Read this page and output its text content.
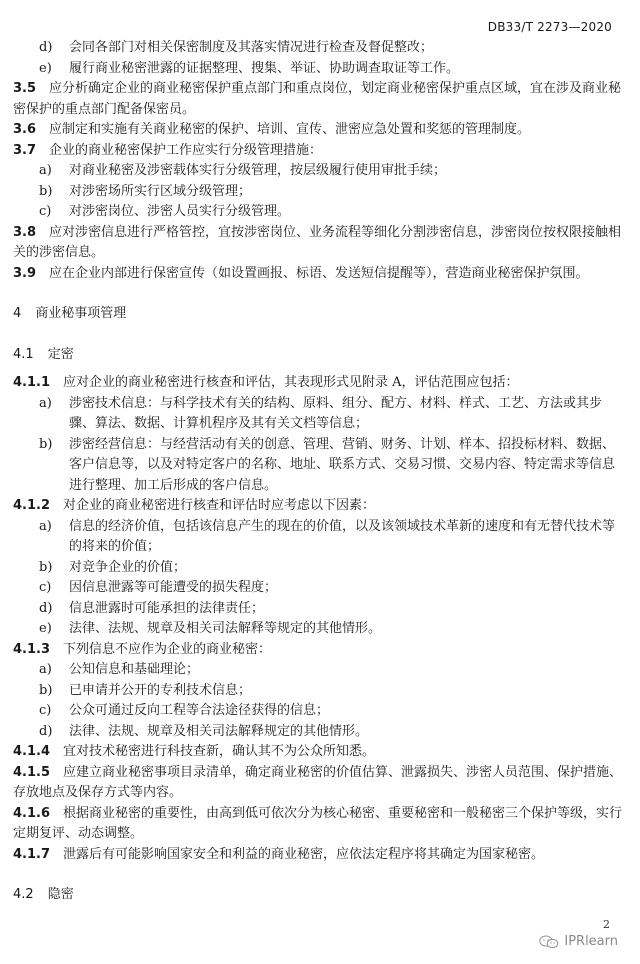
DB33/T 2273—2020
d) 会同各部门对相关保密制度及其落实情况进行检查及督促整改；
e) 履行商业秘密泄露的证据整理、搜集、举证、协助调查取证等工作。

3.5  应分析确定企业的商业秘密保护重点部门和重点岗位，划定商业秘密保护重点区域，宜在涉及商业秘密保护的重点部门配备保密员。

3.6  应制定和实施有关商业秘密的保护、培训、宣传、泄密应急处置和奖惩的管理制度。

3.7  企业的商业秘密保护工作应实行分级管理措施：

a) 对商业秘密及涉密载体实行分级管理，按层级履行使用审批手续；
b) 对涉密场所实行区域分级管理；
c) 对涉密岗位、涉密人员实行分级管理。

3.8  应对涉密信息进行严格管控，宜按涉密岗位、业务流程等细化分割涉密信息，涉密岗位按权限接触相关的涉密信息。

3.9  应在企业内部进行保密宣传（如设置画报、标语、发送短信提醒等），营造商业秘密保护氛围。

4 商业秘事项管理
4.1 定密

4.1.1  应对企业的商业秘密进行核查和评估，其表现形式见附录 A，评估范围应包括：

a) 涉密技术信息：与科学技术有关的结构、原料、组分、配方、材料、样式、工艺、方法或其步骤、算法、数据、计算机程序及其有关文档等信息；
b) 涉密经营信息：与经营活动有关的创意、管理、营销、财务、计划、样本、招投标材料、数据、客户信息等，以及对特定客户的名称、地址、联系方式、交易习惯、交易内容、特定需求等信息进行整理、加工后形成的客户信息。

4.1.2  对企业的商业秘密进行核查和评估时应考虑以下因素：

a) 信息的经济价值，包括该信息产生的现在的价值，以及该领域技术革新的速度和有无替代技术等的将来的价值；
b) 对竞争企业的价值；
c) 因信息泄露等可能遭受的损失程度；
d) 信息泄露时可能承担的法律责任；
e) 法律、法规、规章及相关司法解释等规定的其他情形。

4.1.3  下列信息不应作为企业的商业秘密：

a) 公知信息和基础理论；
b) 已申请并公开的专利技术信息；
c) 公众可通过反向工程等合法途径获得的信息；
d) 法律、法规、规章及相关司法解释规定的其他情形。

4.1.4  宜对技术秘密进行科技查新，确认其不为公众所知悉。

4.1.5  应建立商业秘密事项目录清单，确定商业秘密的价值估算、泄露损失、涉密人员范围、保护措施、存放地点及保存方式等内容。

4.1.6  根据商业秘密的重要性，由高到低可依次分为核心秘密、重要秘密和一般秘密三个保护等级，实行定期复评、动态调整。

4.1.7  泄露后有可能影响国家安全和利益的商业秘密，应依法定程序将其确定为国家秘密。

4.2 隐密
2
IPRlearn
